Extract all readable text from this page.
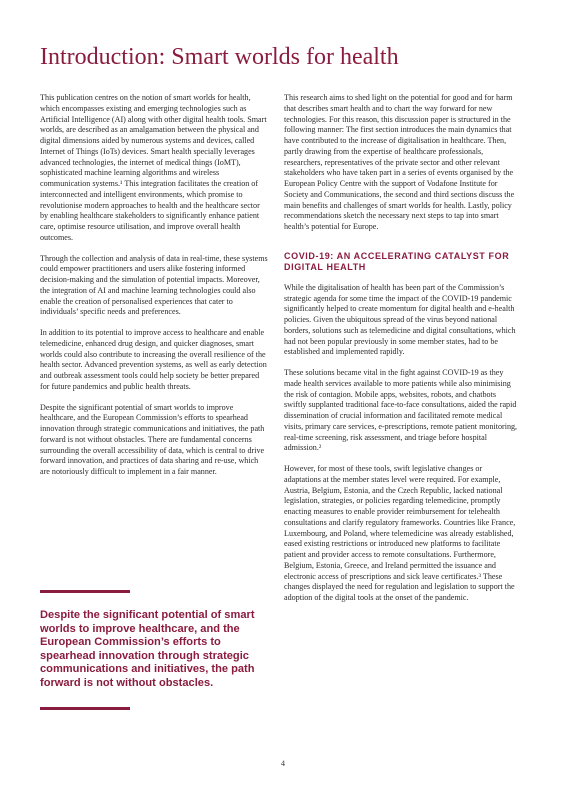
Introduction: Smart worlds for health

This publication centres on the notion of smart worlds for health, which encompasses existing and emerging technologies such as Artificial Intelligence (AI) along with other digital health tools. Smart worlds, are described as an amalgamation between the physical and digital dimensions aided by numerous systems and devices, called Internet of Things (IoTs) devices. Smart health specially leverages advanced technologies, the internet of medical things (IoMT), sophisticated machine learning algorithms and wireless communication systems.¹ This integration facilitates the creation of interconnected and intelligent environments, which promise to revolutionise modern approaches to health and the healthcare sector by enabling healthcare stakeholders to significantly enhance patient care, optimise resource utilisation, and improve overall health outcomes.

Through the collection and analysis of data in real-time, these systems could empower practitioners and users alike fostering informed decision-making and the simulation of potential impacts. Moreover, the integration of AI and machine learning technologies could also enable the creation of personalised experiences that cater to individuals’ specific needs and preferences.

In addition to its potential to improve access to healthcare and enable telemedicine, enhanced drug design, and quicker diagnoses, smart worlds could also contribute to increasing the overall resilience of the health sector. Advanced prevention systems, as well as early detection and outbreak assessment tools could help society be better prepared for future pandemics and public health threats.

Despite the significant potential of smart worlds to improve healthcare, and the European Commission’s efforts to spearhead innovation through strategic communications and initiatives, the path forward is not without obstacles. There are fundamental concerns surrounding the overall accessibility of data, which is central to drive forward innovation, and practices of data sharing and re-use, which are notoriously difficult to implement in a fair manner.

Despite the significant potential of smart worlds to improve healthcare, and the European Commission’s efforts to spearhead innovation through strategic communications and initiatives, the path forward is not without obstacles.

This research aims to shed light on the potential for good and for harm that describes smart health and to chart the way forward for new technologies. For this reason, this discussion paper is structured in the following manner: The first section introduces the main dynamics that have contributed to the increase of digitalisation in healthcare. Then, partly drawing from the expertise of healthcare professionals, researchers, representatives of the private sector and other relevant stakeholders who have taken part in a series of events organised by the European Policy Centre with the support of Vodafone Institute for Society and Communications, the second and third sections discuss the main benefits and challenges of smart worlds for health. Lastly, policy recommendations sketch the necessary next steps to tap into smart health’s potential for Europe.

COVID-19: AN ACCELERATING CATALYST FOR DIGITAL HEALTH

While the digitalisation of health has been part of the Commission’s strategic agenda for some time the impact of the COVID-19 pandemic significantly helped to create momentum for digital health and e-health policies. Given the ubiquitous spread of the virus beyond national borders, solutions such as telemedicine and digital consultations, which had not been popular previously in some member states, had to be established and implemented rapidly.

These solutions became vital in the fight against COVID-19 as they made health services available to more patients while also minimising the risk of contagion. Mobile apps, websites, robots, and chatbots swiftly supplanted traditional face-to-face consultations, aided the rapid dissemination of crucial information and facilitated remote medical visits, primary care services, e-prescriptions, remote patient monitoring, real-time screening, risk assessment, and triage before hospital admission.²

However, for most of these tools, swift legislative changes or adaptations at the member states level were required. For example, Austria, Belgium, Estonia, and the Czech Republic, lacked national legislation, strategies, or policies regarding telemedicine, promptly enacting measures to enable provider reimbursement for telehealth consultations and clarify regulatory frameworks. Countries like France, Luxembourg, and Poland, where telemedicine was already established, eased existing restrictions or introduced new platforms to facilitate patient and provider access to remote consultations. Furthermore, Belgium, Estonia, Greece, and Ireland permitted the issuance and electronic access of prescriptions and sick leave certificates.³ These changes displayed the need for regulation and legislation to support the adoption of the digital tools at the onset of the pandemic.

4
